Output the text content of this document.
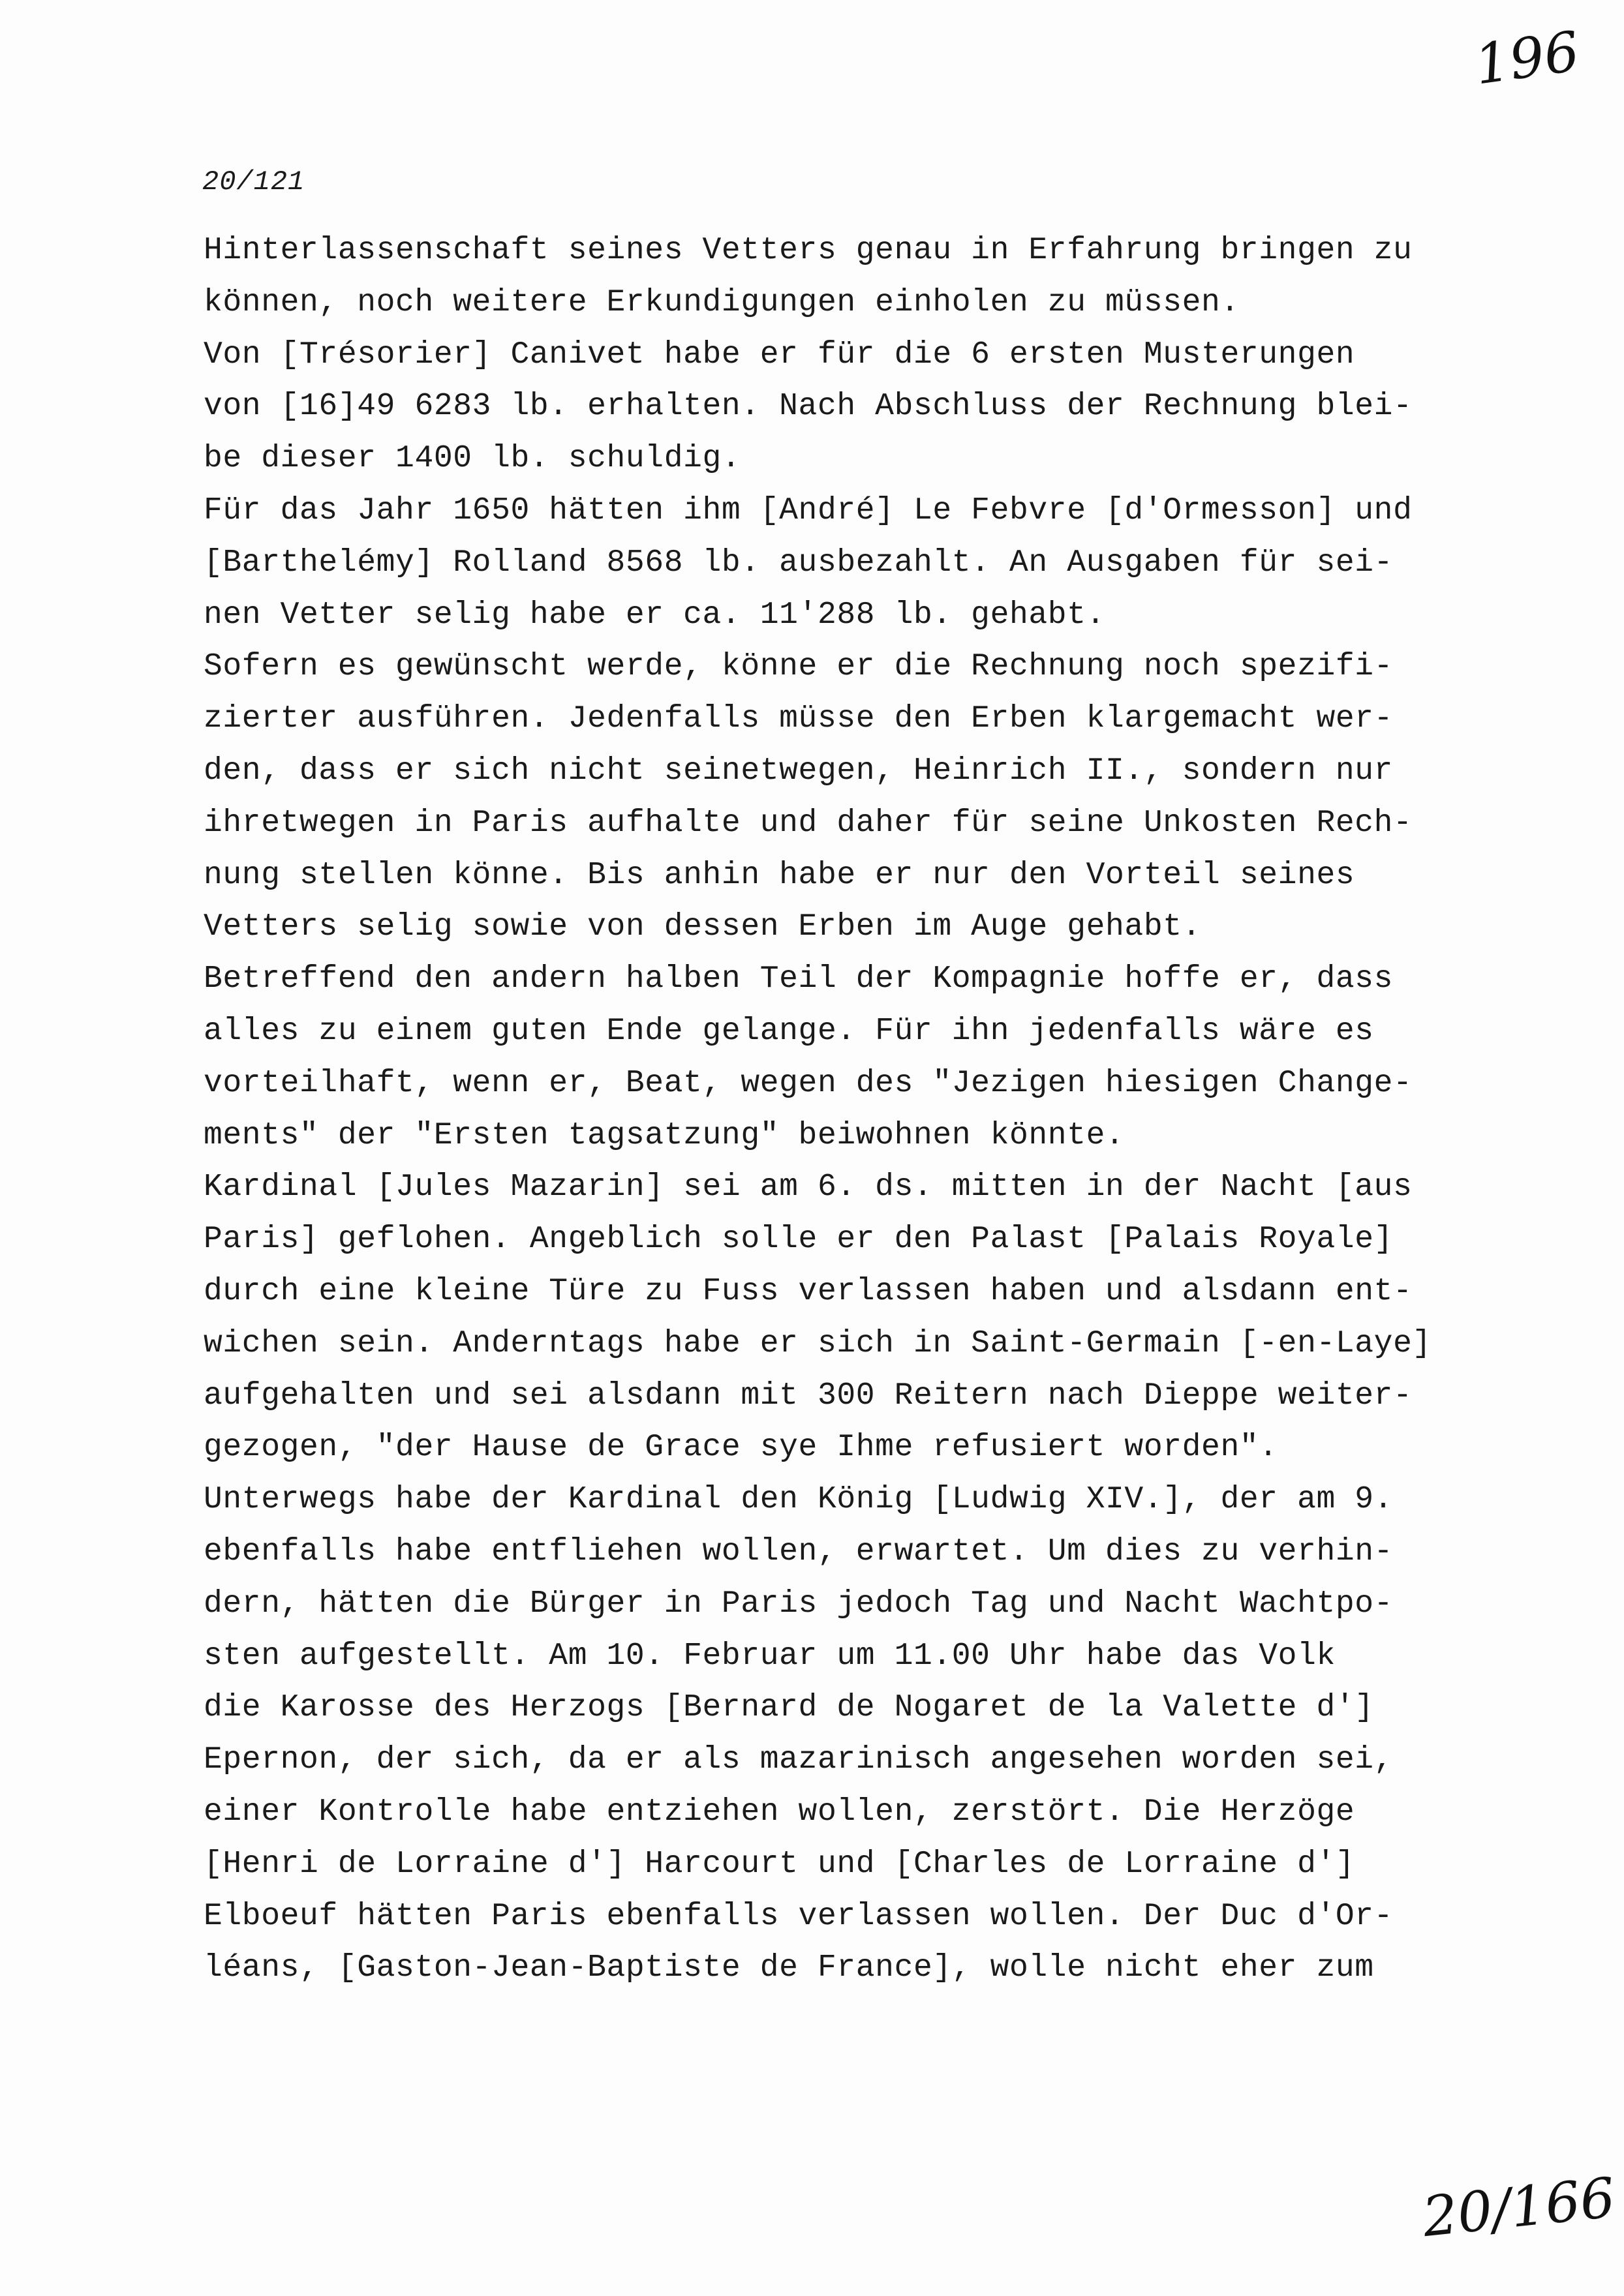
196
20/121
Hinterlassenschaft seines Vetters genau in Erfahrung bringen zu
können, noch weitere Erkundigungen einholen zu müssen.
Von [Trésorier] Canivet habe er für die 6 ersten Musterungen
von [16]49 6283 lb. erhalten. Nach Abschluss der Rechnung blei-
be dieser 1400 lb. schuldig.
Für das Jahr 1650 hätten ihm [André] Le Febvre [d'Ormesson] und
[Barthelémy] Rolland 8568 lb. ausbezahlt. An Ausgaben für sei-
nen Vetter selig habe er ca. 11'288 lb. gehabt.
Sofern es gewünscht werde, könne er die Rechnung noch spezifi-
zierter ausführen. Jedenfalls müsse den Erben klargemacht wer-
den, dass er sich nicht seinetwegen, Heinrich II., sondern nur
ihretwegen in Paris aufhalte und daher für seine Unkosten Rech-
nung stellen könne. Bis anhin habe er nur den Vorteil seines
Vetters selig sowie von dessen Erben im Auge gehabt.
Betreffend den andern halben Teil der Kompagnie hoffe er, dass
alles zu einem guten Ende gelange. Für ihn jedenfalls wäre es
vorteilhaft, wenn er, Beat, wegen des "Jezigen hiesigen Change-
ments" der "Ersten tagsatzung" beiwohnen könnte.
Kardinal [Jules Mazarin] sei am 6. ds. mitten in der Nacht [aus
Paris] geflohen. Angeblich solle er den Palast [Palais Royale]
durch eine kleine Türe zu Fuss verlassen haben und alsdann ent-
wichen sein. Anderntags habe er sich in Saint-Germain [-en-Laye]
aufgehalten und sei alsdann mit 300 Reitern nach Dieppe weiter-
gezogen, "der Hause de Grace sye Ihme refusiert worden".
Unterwegs habe der Kardinal den König [Ludwig XIV.], der am 9.
ebenfalls habe entfliehen wollen, erwartet. Um dies zu verhin-
dern, hätten die Bürger in Paris jedoch Tag und Nacht Wachtpo-
sten aufgestellt. Am 10. Februar um 11.00 Uhr habe das Volk
die Karosse des Herzogs [Bernard de Nogaret de la Valette d']
Epernon, der sich, da er als mazarinisch angesehen worden sei,
einer Kontrolle habe entziehen wollen, zerstört. Die Herzöge
[Henri de Lorraine d'] Harcourt und [Charles de Lorraine d']
Elboeuf hätten Paris ebenfalls verlassen wollen. Der Duc d'Or-
léans, [Gaston-Jean-Baptiste de France], wolle nicht eher zum
20/166
